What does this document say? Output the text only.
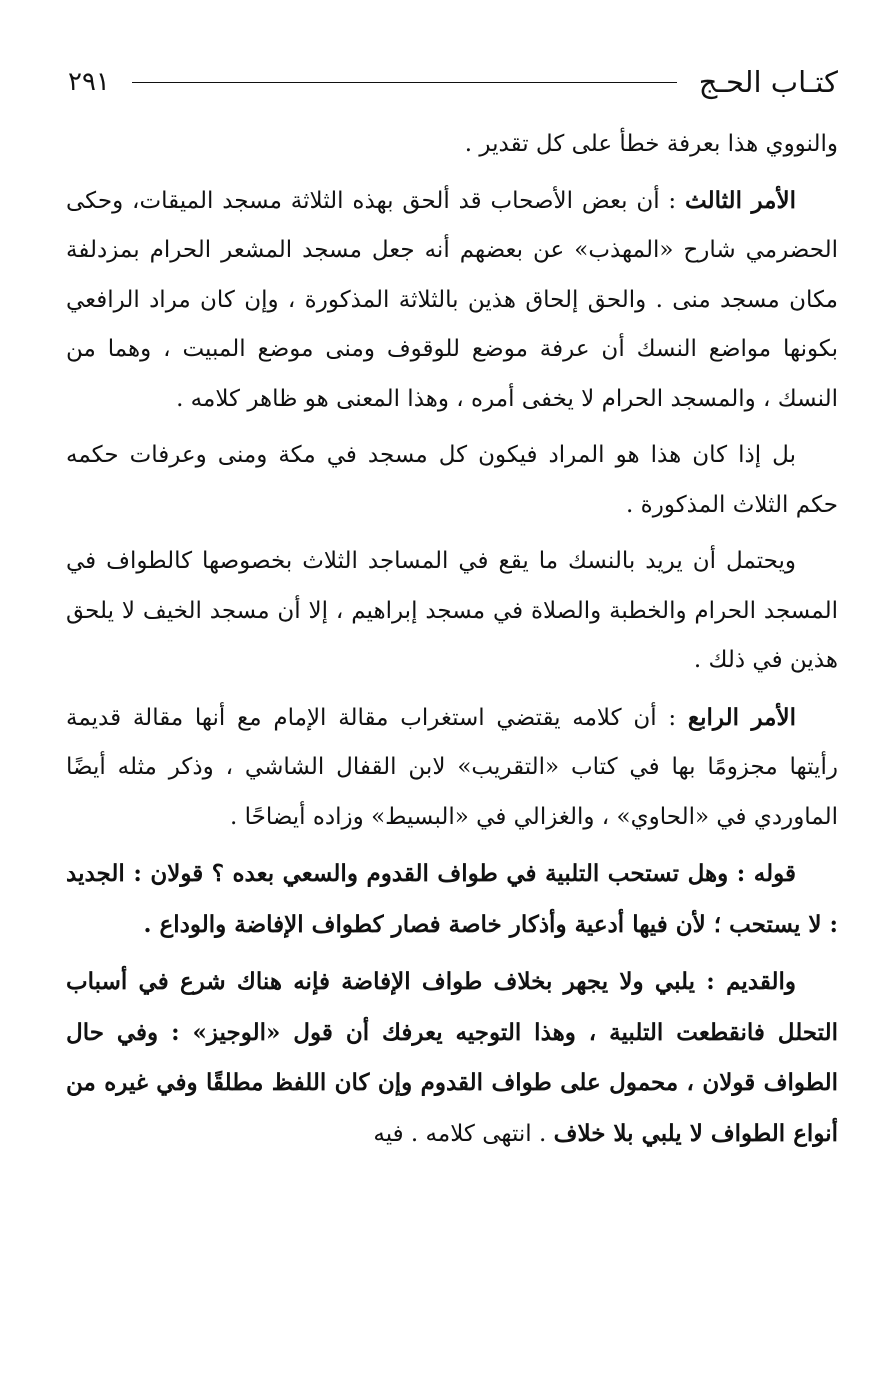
كتـاب الحـج
٢٩١

والنووي هذا بعرفة خطأ على كل تقدير .

الأمر الثالث : أن بعض الأصحاب قد ألحق بهذه الثلاثة مسجد الميقات، وحكى الحضرمي شارح «المهذب» عن بعضهم أنه جعل مسجد المشعر الحرام بمزدلفة مكان مسجد منى . والحق إلحاق هذين بالثلاثة المذكورة ، وإن كان مراد الرافعي بكونها مواضع النسك أن عرفة موضع للوقوف ومنى موضع المبيت ، وهما من النسك ، والمسجد الحرام لا يخفى أمره ، وهذا المعنى هو ظاهر كلامه .

بل إذا كان هذا هو المراد فيكون كل مسجد في مكة ومنى وعرفات حكمه حكم الثلاث المذكورة .

ويحتمل أن يريد بالنسك ما يقع في المساجد الثلاث بخصوصها كالطواف في المسجد الحرام والخطبة والصلاة في مسجد إبراهيم ، إلا أن مسجد الخيف لا يلحق هذين في ذلك .

الأمر الرابع : أن كلامه يقتضي استغراب مقالة الإمام مع أنها مقالة قديمة رأيتها مجزومًا بها في كتاب «التقريب» لابن القفال الشاشي ، وذكر مثله أيضًا الماوردي في «الحاوي» ، والغزالي في «البسيط» وزاده أيضاحًا .

قوله : وهل تستحب التلبية في طواف القدوم والسعي بعده ؟ قولان : الجديد : لا يستحب ؛ لأن فيها أدعية وأذكار خاصة فصار كطواف الإفاضة والوداع .

والقديم : يلبي ولا يجهر بخلاف طواف الإفاضة فإنه هناك شرع في أسباب التحلل فانقطعت التلبية ، وهذا التوجيه يعرفك أن قول «الوجيز» : وفي حال الطواف قولان ، محمول على طواف القدوم وإن كان اللفظ مطلقًا وفي غيره من أنواع الطواف لا يلبي بلا خلاف . انتهى كلامه . فيه
